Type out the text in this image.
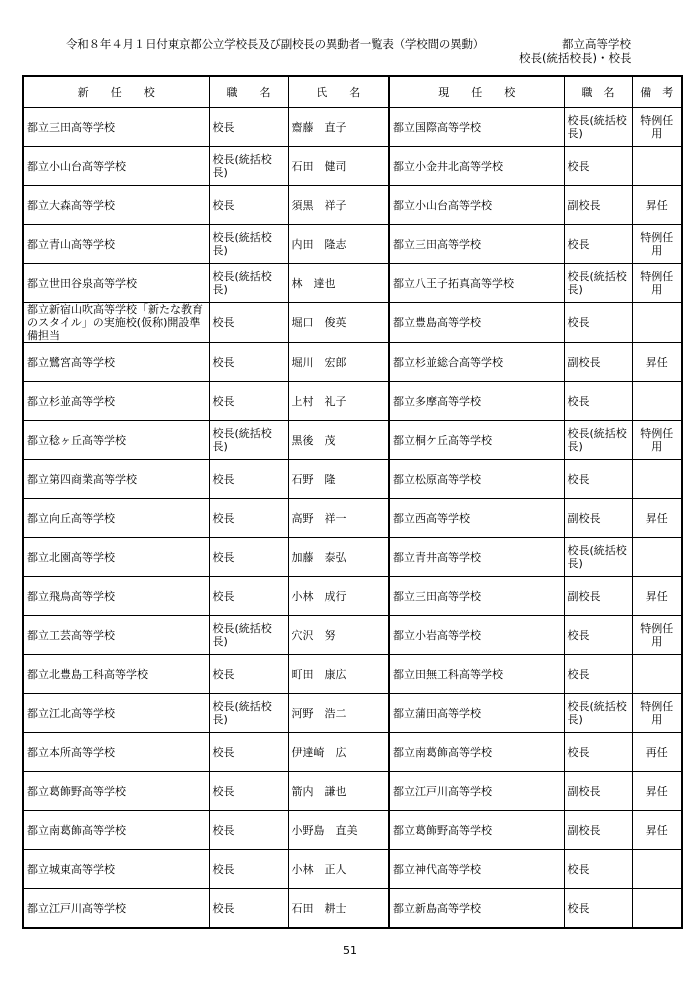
令和８年４月１日付東京都公立学校長及び副校長の異動者一覧表（学校間の異動）	都立高等学校
校長(統括校長)・校長
新　　任　　校	職　　名	氏　　名	現　　任　　校	職　名	備　考
都立三田高等学校	校長	齋藤　直子	都立国際高等学校	校長(統括校長)	特例任用
都立小山台高等学校	校長(統括校長)	石田　健司	都立小金井北高等学校	校長	
都立大森高等学校	校長	須黒　祥子	都立小山台高等学校	副校長	昇任
都立青山高等学校	校長(統括校長)	内田　隆志	都立三田高等学校	校長	特例任用
都立世田谷泉高等学校	校長(統括校長)	林　達也	都立八王子拓真高等学校	校長(統括校長)	特例任用
都立新宿山吹高等学校「新たな教育のスタイル」の実施校(仮称)開設準備担当	校長	堀口　俊英	都立豊島高等学校	校長	
都立鷺宮高等学校	校長	堀川　宏郎	都立杉並総合高等学校	副校長	昇任
都立杉並高等学校	校長	上村　礼子	都立多摩高等学校	校長	
都立稔ヶ丘高等学校	校長(統括校長)	黒後　茂	都立桐ケ丘高等学校	校長(統括校長)	特例任用
都立第四商業高等学校	校長	石野　隆	都立松原高等学校	校長	
都立向丘高等学校	校長	高野　祥一	都立西高等学校	副校長	昇任
都立北園高等学校	校長	加藤　泰弘	都立青井高等学校	校長(統括校長)	
都立飛鳥高等学校	校長	小林　成行	都立三田高等学校	副校長	昇任
都立工芸高等学校	校長(統括校長)	穴沢　努	都立小岩高等学校	校長	特例任用
都立北豊島工科高等学校	校長	町田　康広	都立田無工科高等学校	校長	
都立江北高等学校	校長(統括校長)	河野　浩二	都立蒲田高等学校	校長(統括校長)	特例任用
都立本所高等学校	校長	伊達崎　広	都立南葛飾高等学校	校長	再任
都立葛飾野高等学校	校長	箭内　謙也	都立江戸川高等学校	副校長	昇任
都立南葛飾高等学校	校長	小野島　直美	都立葛飾野高等学校	副校長	昇任
都立城東高等学校	校長	小林　正人	都立神代高等学校	校長	
都立江戸川高等学校	校長	石田　耕士	都立新島高等学校	校長	
51
